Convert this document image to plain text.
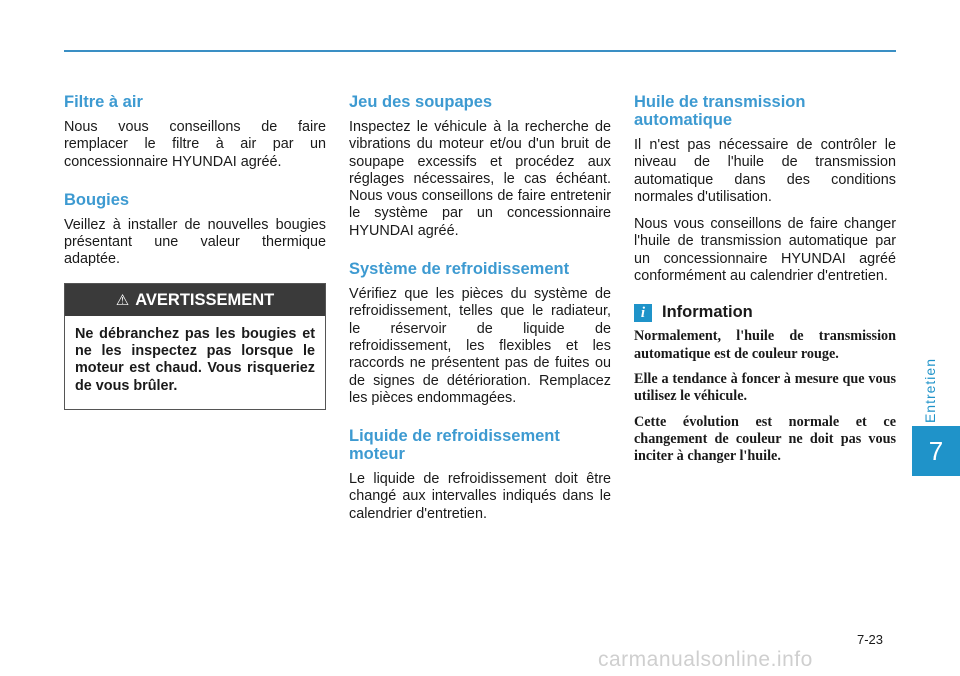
Entretien
7
Filtre à air

Nous vous conseillons de faire remplacer le filtre à air par un concessionnaire HYUNDAI agréé.

Bougies

Veillez à installer de nouvelles bougies présentant une valeur thermique adaptée.

⚠ AVERTISSEMENT
Ne débranchez pas les bougies et ne les inspectez pas lorsque le moteur est chaud. Vous risqueriez de vous brûler.
Jeu des soupapes

Inspectez le véhicule à la recherche de vibrations du moteur et/ou d'un bruit de soupape excessifs et procédez aux réglages nécessaires, le cas échéant. Nous vous conseillons de faire entretenir le système par un concessionnaire HYUNDAI agréé.

Système de refroidissement

Vérifiez que les pièces du système de refroidissement, telles que le radiateur, le réservoir de liquide de refroidissement, les flexibles et les raccords ne présentent pas de fuites ou de signes de détérioration. Remplacez les pièces endommagées.

Liquide de refroidissement moteur

Le liquide de refroidissement doit être changé aux intervalles indiqués dans le calendrier d'entretien.

Huile de transmission automatique

Il n'est pas nécessaire de contrôler le niveau de l'huile de transmission automatique dans des conditions normales d'utilisation.

Nous vous conseillons de faire changer l'huile de transmission automatique par un concessionnaire HYUNDAI agréé conformément au calendrier d'entretien.

i	Information

Normalement, l'huile de transmission automatique est de couleur rouge.

Elle a tendance à foncer à mesure que vous utilisez le véhicule.

Cette évolution est normale et ce changement de couleur ne doit pas vous inciter à changer l'huile.

7-23
carmanualsonline.info
